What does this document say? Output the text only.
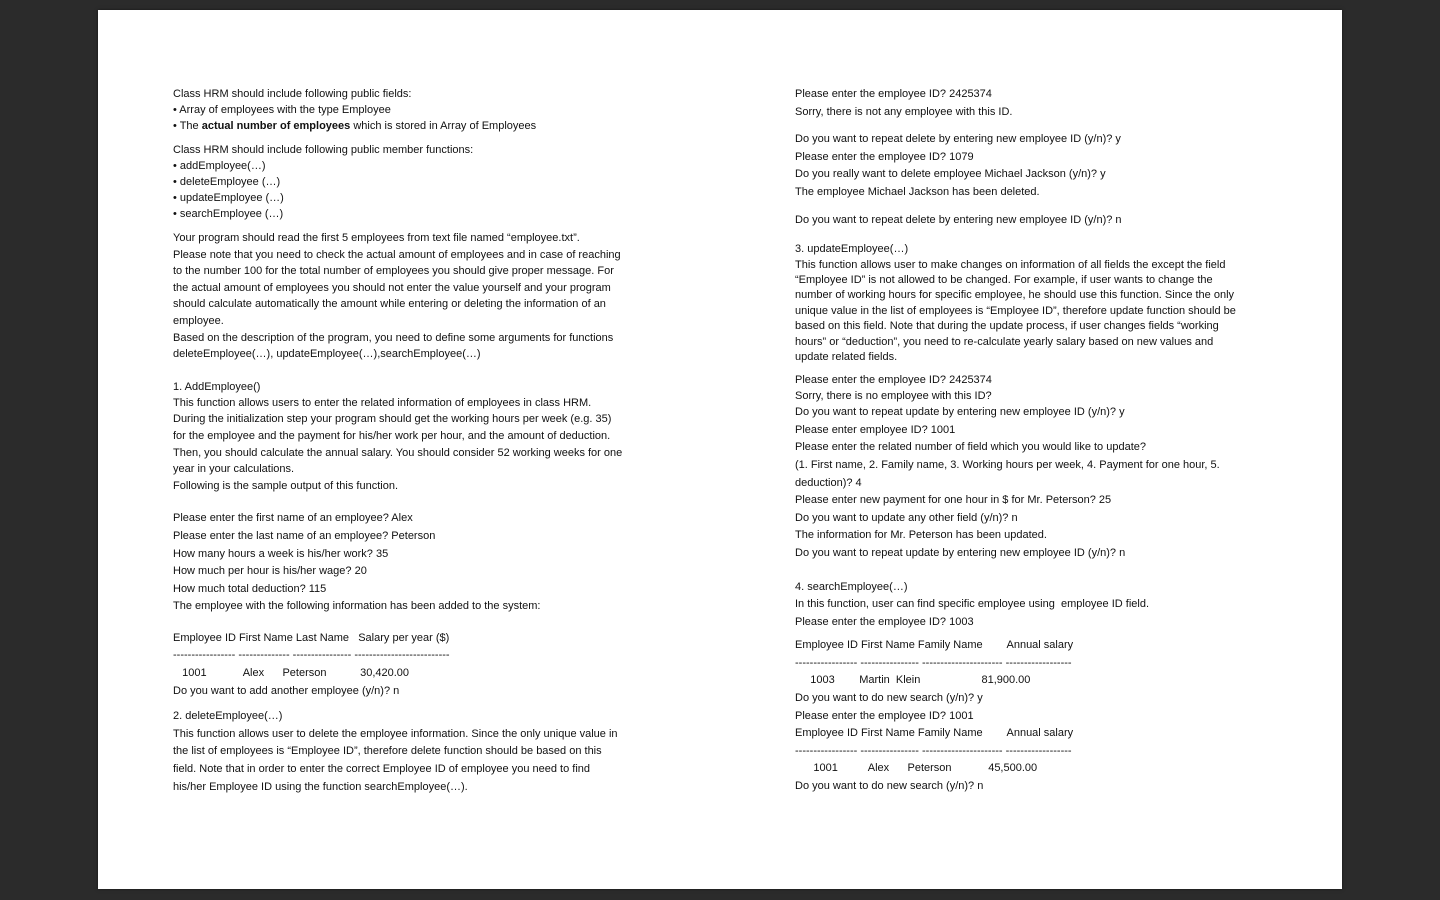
Class HRM should include following public fields:
• Array of employees with the type Employee
• The actual number of employees which is stored in Array of Employees
Class HRM should include following public member functions:
• addEmployee(…)
• deleteEmployee (…)
• updateEmployee (…)
• searchEmployee (…)
Your program should read the first 5 employees from text file named “employee.txt”.
Please note that you need to check the actual amount of employees and in case of reaching
to the number 100 for the total number of employees you should give proper message. For
the actual amount of employees you should not enter the value yourself and your program
should calculate automatically the amount while entering or deleting the information of an
employee.
Based on the description of the program, you need to define some arguments for functions
deleteEmployee(…), updateEmployee(…),searchEmployee(…)
1. AddEmployee()
This function allows users to enter the related information of employees in class HRM.
During the initialization step your program should get the working hours per week (e.g. 35)
for the employee and the payment for his/her work per hour, and the amount of deduction.
Then, you should calculate the annual salary. You should consider 52 working weeks for one
year in your calculations.
Following is the sample output of this function.
Please enter the first name of an employee? Alex
Please enter the last name of an employee? Peterson
How many hours a week is his/her work? 35
How much per hour is his/her wage? 20
How much total deduction? 115
The employee with the following information has been added to the system:
Employee ID First Name Last Name   Salary per year ($)
----------------- -------------- ---------------- --------------------------
1001            Alex      Peterson           30,420.00
Do you want to add another employee (y/n)? n
2. deleteEmployee(…)
This function allows user to delete the employee information. Since the only unique value in
the list of employees is “Employee ID”, therefore delete function should be based on this
field. Note that in order to enter the correct Employee ID of employee you need to find
his/her Employee ID using the function searchEmployee(…).
Please enter the employee ID? 2425374
Sorry, there is not any employee with this ID.
Do you want to repeat delete by entering new employee ID (y/n)? y
Please enter the employee ID? 1079
Do you really want to delete employee Michael Jackson (y/n)? y
The employee Michael Jackson has been deleted.
Do you want to repeat delete by entering new employee ID (y/n)? n
3. updateEmployee(…)
This function allows user to make changes on information of all fields the except the field
“Employee ID” is not allowed to be changed. For example, if user wants to change the
number of working hours for specific employee, he should use this function. Since the only
unique value in the list of employees is “Employee ID”, therefore update function should be
based on this field. Note that during the update process, if user changes fields “working
hours” or “deduction”, you need to re-calculate yearly salary based on new values and
update related fields.
Please enter the employee ID? 2425374
Sorry, there is no employee with this ID?
Do you want to repeat update by entering new employee ID (y/n)? y
Please enter employee ID? 1001
Please enter the related number of field which you would like to update?
(1. First name, 2. Family name, 3. Working hours per week, 4. Payment for one hour, 5.
deduction)? 4
Please enter new payment for one hour in $ for Mr. Peterson? 25
Do you want to update any other field (y/n)? n
The information for Mr. Peterson has been updated.
Do you want to repeat update by entering new employee ID (y/n)? n
4. searchEmployee(…)
In this function, user can find specific employee using  employee ID field.
Please enter the employee ID? 1003
Employee ID First Name Family Name        Annual salary
----------------- ---------------- ---------------------- ------------------
1003        Martin  Klein                    81,900.00
Do you want to do new search (y/n)? y
Please enter the employee ID? 1001
Employee ID First Name Family Name        Annual salary
----------------- ---------------- ---------------------- ------------------
1001          Alex      Peterson            45,500.00
Do you want to do new search (y/n)? n
